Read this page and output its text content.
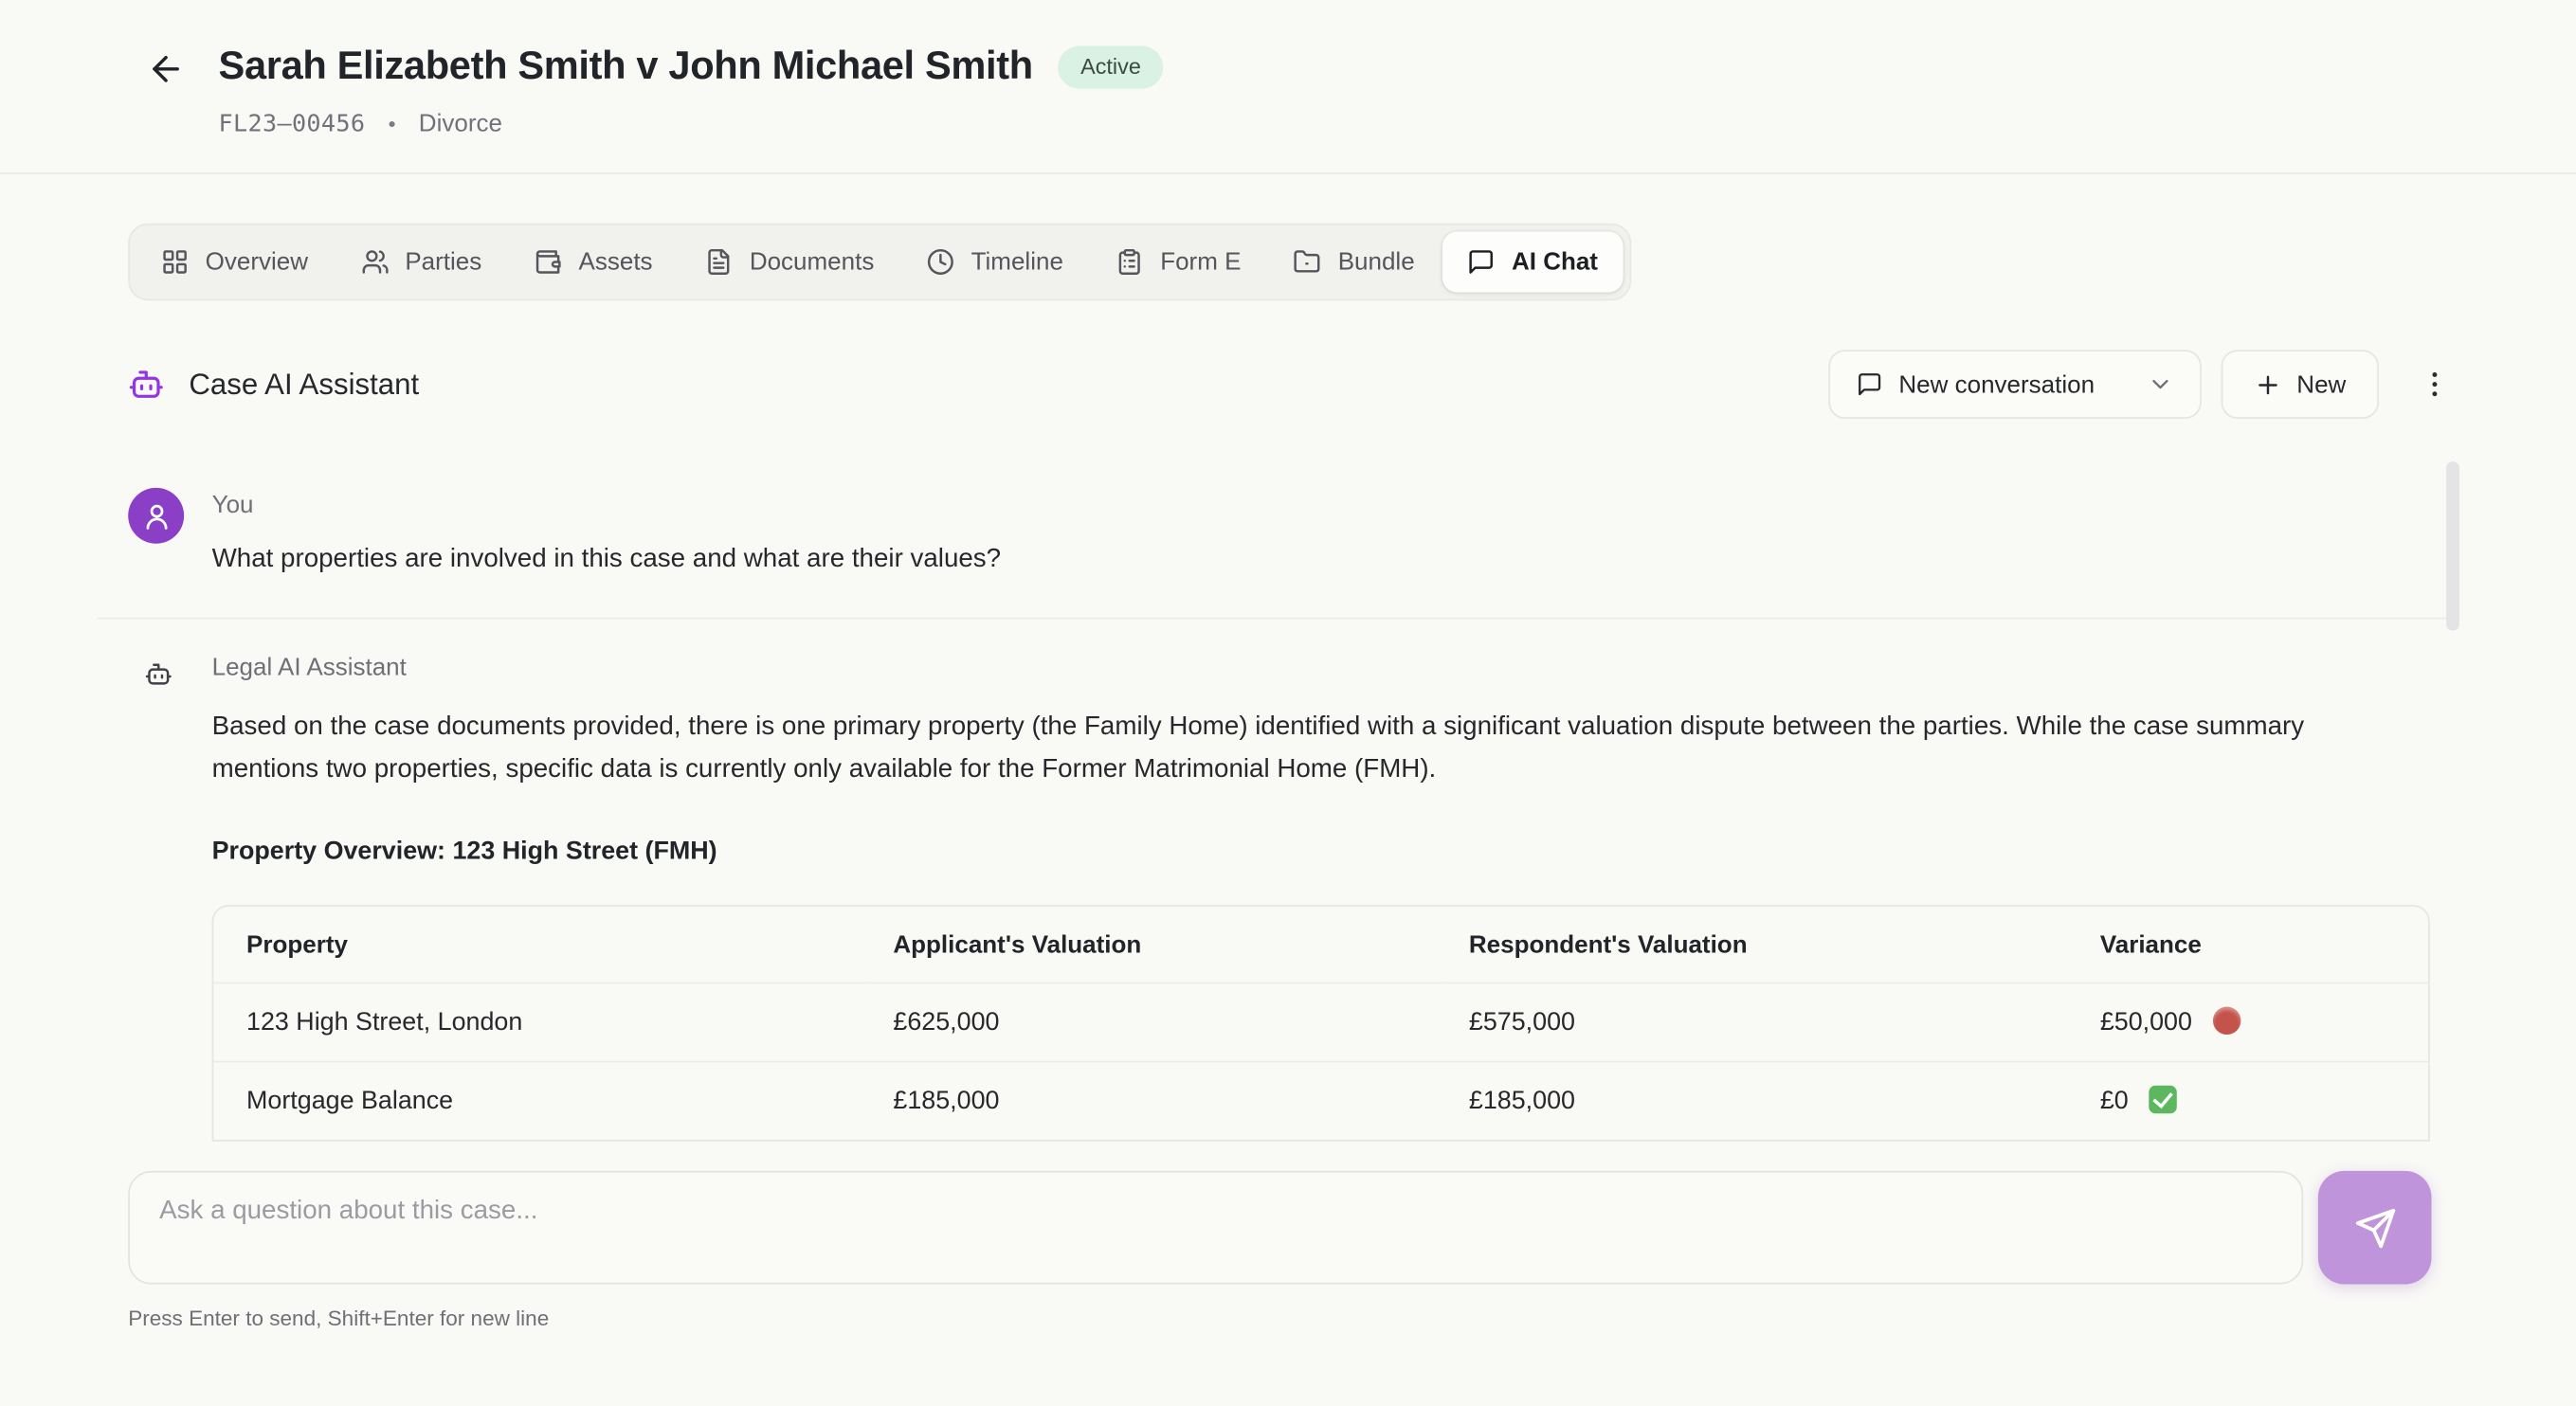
Sarah Elizabeth Smith v John Michael Smith	Active
FL23–00456 • Divorce
Overview	Parties	Assets	Documents	Timeline	Form E	Bundle	AI Chat
Case AI Assistant	New conversation	New
You
What properties are involved in this case and what are their values?
Legal AI Assistant
Based on the case documents provided, there is one primary property (the Family Home) identified with a significant valuation dispute between the parties. While the case summary mentions two properties, specific data is currently only available for the Former Matrimonial Home (FMH).
Property Overview: 123 High Street (FMH)
Property	Applicant's Valuation	Respondent's Valuation	Variance
123 High Street, London	£625,000	£575,000	£50,000
Mortgage Balance	£185,000	£185,000	£0
Ask a question about this case...
Press Enter to send, Shift+Enter for new line
